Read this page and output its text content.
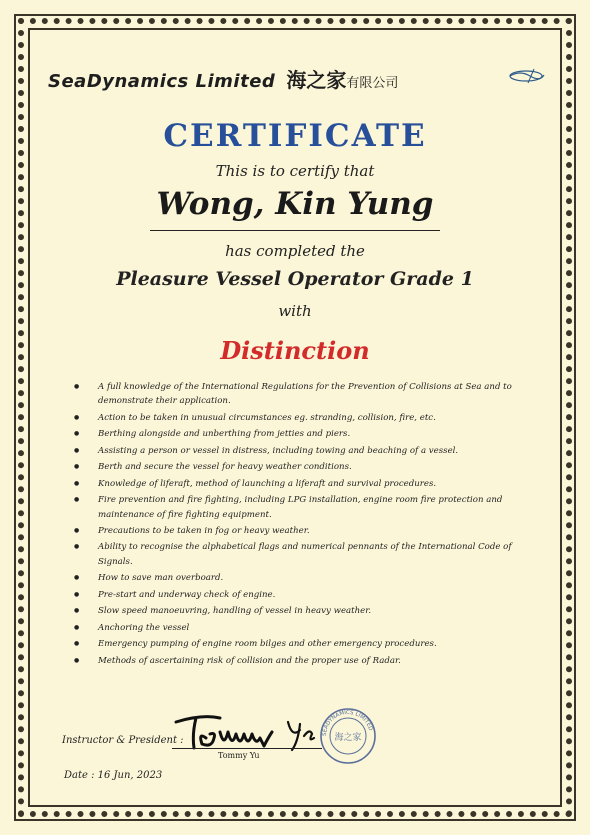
SeaDynamics Limited 海之家有限公司
CERTIFICATE
This is to certify that
Wong, Kin Yung
has completed the
Pleasure Vessel Operator Grade 1
with
Distinction
● A full knowledge of the International Regulations for the Prevention of Collisions at Sea and to demonstrate their application.
● Action to be taken in unusual circumstances eg. stranding, collision, fire, etc.
● Berthing alongside and unberthing from jetties and piers.
● Assisting a person or vessel in distress, including towing and beaching of a vessel.
● Berth and secure the vessel for heavy weather conditions.
● Knowledge of liferaft, method of launching a liferaft and survival procedures.
● Fire prevention and fire fighting, including LPG installation, engine room fire protection and maintenance of fire fighting equipment.
● Precautions to be taken in fog or heavy weather.
● Ability to recognise the alphabetical flags and numerical pennants of the International Code of Signals.
● How to save man overboard.
● Pre-start and underway check of engine.
● Slow speed manoeuvring, handling of vessel in heavy weather.
● Anchoring the vessel
● Emergency pumping of engine room bilges and other emergency procedures.
● Methods of ascertaining risk of collision and the proper use of Radar.
Instructor & President :
Tommy Yu
SEADYNAMICS LIMITED
海之家
Date : 16 Jun, 2023
